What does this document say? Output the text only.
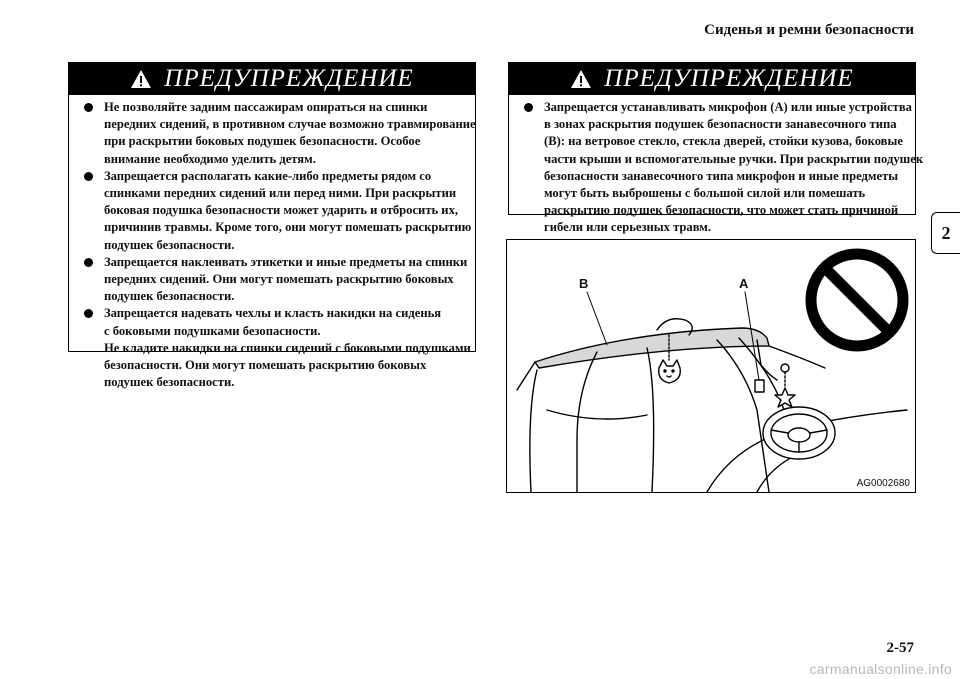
Сиденья и ремни безопасности
2
ПРЕДУПРЕЖДЕНИЕ
Не позволяйте задним пассажирам опираться на спинки
передних сидений, в противном случае возможно травмирование
при раскрытии боковых подушек безопасности. Особое
внимание необходимо уделить детям.
Запрещается располагать какие-либо предметы рядом со
спинками передних сидений или перед ними. При раскрытии
боковая подушка безопасности может ударить и отбросить их,
причинив травмы. Кроме того, они могут помешать раскрытию
подушек безопасности.
Запрещается наклеивать этикетки и иные предметы на спинки
передних сидений. Они могут помешать раскрытию боковых
подушек безопасности.
Запрещается надевать чехлы и класть накидки на сиденья
с боковыми подушками безопасности.
Не кладите накидки на спинки сидений с боковыми подушками
безопасности. Они могут помешать раскрытию боковых
подушек безопасности.
ПРЕДУПРЕЖДЕНИЕ
Запрещается устанавливать микрофон (A) или иные устройства
в зонах раскрытия подушек безопасности занавесочного типа
(B): на ветровое стекло, стекла дверей, стойки кузова, боковые
части крыши и вспомогательные ручки. При раскрытии подушек
безопасности занавесочного типа микрофон и иные предметы
могут быть выброшены с большой силой или помешать
раскрытию подушек безопасности, что может стать причиной
гибели или серьезных травм.
B	A
AG0002680
2-57
carmanualsonline.info
